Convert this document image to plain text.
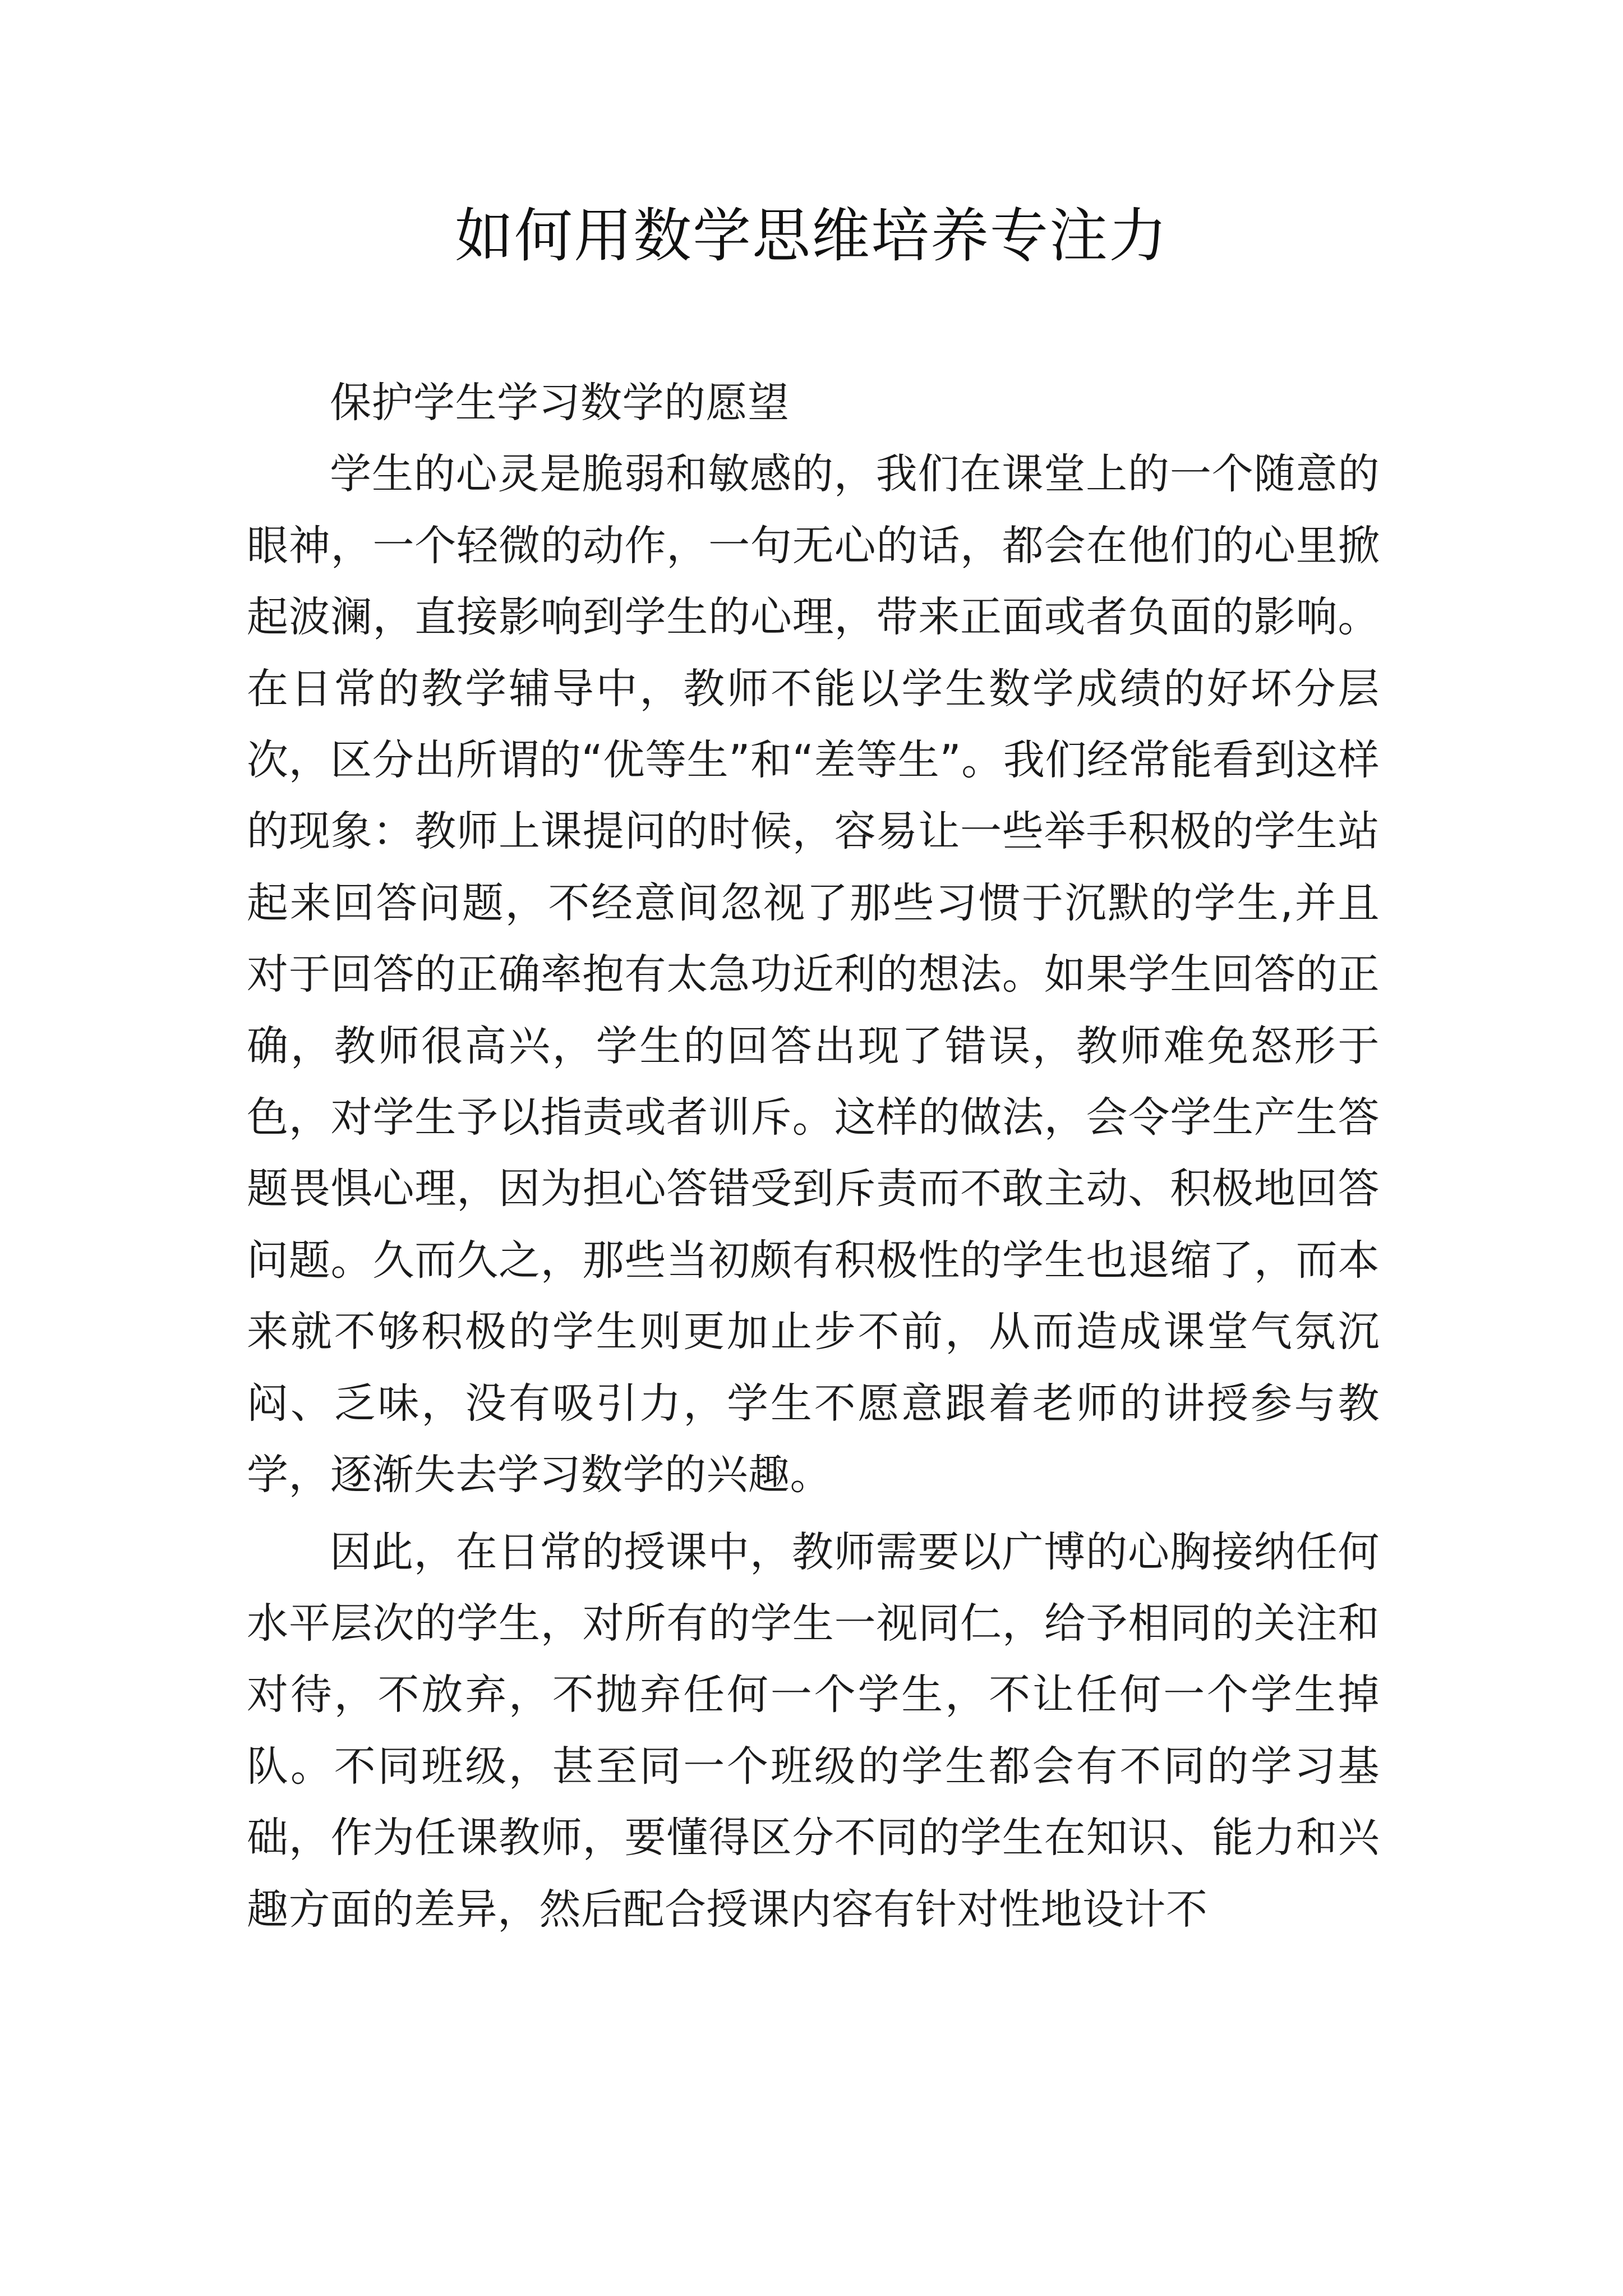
如何用数学思维培养专注力

保护学生学习数学的愿望

学生的心灵是脆弱和敏感的，我们在课堂上的一个随意的眼神，一个轻微的动作，一句无心的话，都会在他们的心里掀起波澜，直接影响到学生的心理，带来正面或者负面的影响。在日常的教学辅导中，教师不能以学生数学成绩的好坏分层次，区分出所谓的“优等生”和“差等生”。我们经常能看到这样的现象：教师上课提问的时候，容易让一些举手积极的学生站起来回答问题，不经意间忽视了那些习惯于沉默的学生,并且对于回答的正确率抱有太急功近利的想法。如果学生回答的正确，教师很高兴，学生的回答出现了错误，教师难免怒形于色，对学生予以指责或者训斥。这样的做法，会令学生产生答题畏惧心理，因为担心答错受到斥责而不敢主动、积极地回答问题。久而久之，那些当初颇有积极性的学生也退缩了，而本来就不够积极的学生则更加止步不前，从而造成课堂气氛沉闷、乏味，没有吸引力，学生不愿意跟着老师的讲授参与教学，逐渐失去学习数学的兴趣。

因此，在日常的授课中，教师需要以广博的心胸接纳任何水平层次的学生，对所有的学生一视同仁，给予相同的关注和对待，不放弃，不抛弃任何一个学生，不让任何一个学生掉队。不同班级，甚至同一个班级的学生都会有不同的学习基础，作为任课教师，要懂得区分不同的学生在知识、能力和兴趣方面的差异，然后配合授课内容有针对性地设计不
